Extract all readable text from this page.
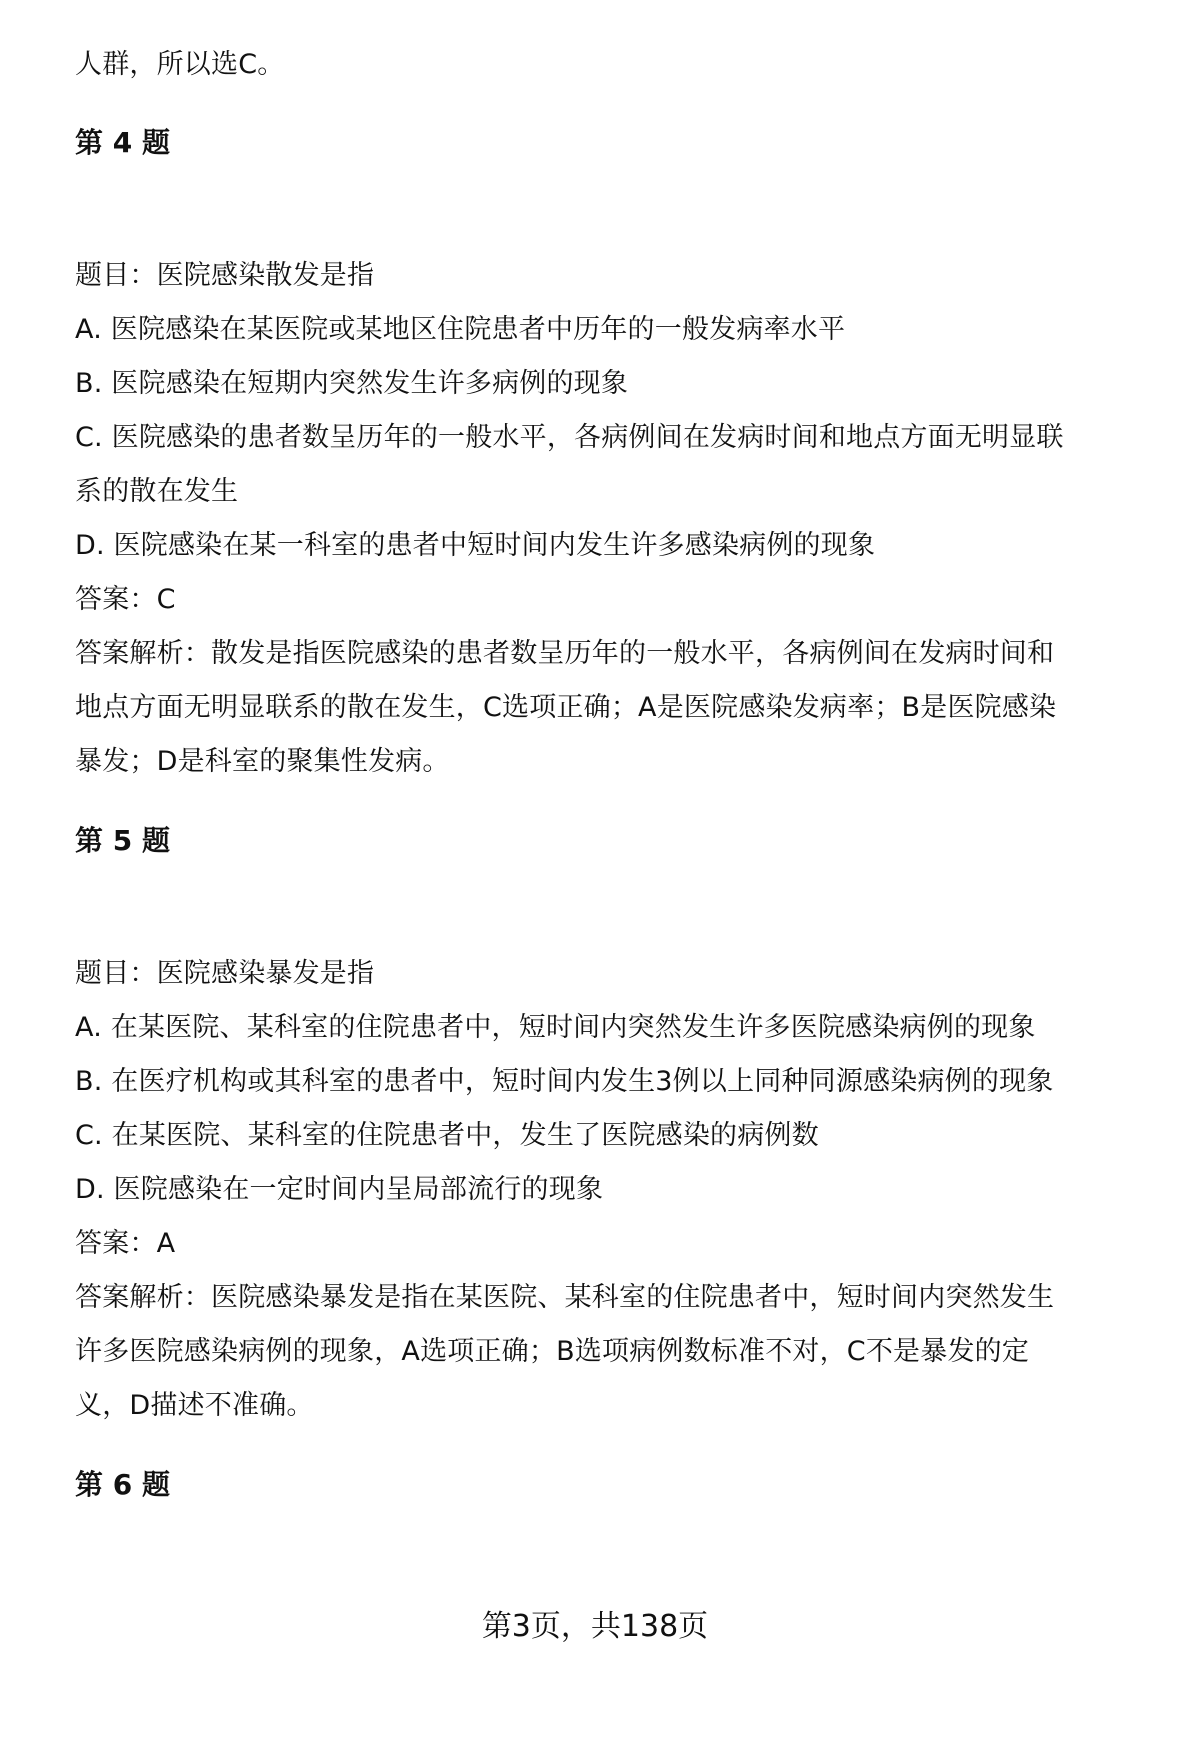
人群，所以选C。
第 4 题
题目：医院感染散发是指
A. 医院感染在某医院或某地区住院患者中历年的一般发病率水平
B. 医院感染在短期内突然发生许多病例的现象
C. 医院感染的患者数呈历年的一般水平，各病例间在发病时间和地点方面无明显联
系的散在发生
D. 医院感染在某一科室的患者中短时间内发生许多感染病例的现象
答案：C
答案解析：散发是指医院感染的患者数呈历年的一般水平，各病例间在发病时间和
地点方面无明显联系的散在发生，C选项正确；A是医院感染发病率；B是医院感染
暴发；D是科室的聚集性发病。
第 5 题
题目：医院感染暴发是指
A. 在某医院、某科室的住院患者中，短时间内突然发生许多医院感染病例的现象
B. 在医疗机构或其科室的患者中，短时间内发生3例以上同种同源感染病例的现象
C. 在某医院、某科室的住院患者中，发生了医院感染的病例数
D. 医院感染在一定时间内呈局部流行的现象
答案：A
答案解析：医院感染暴发是指在某医院、某科室的住院患者中，短时间内突然发生
许多医院感染病例的现象，A选项正确；B选项病例数标准不对，C不是暴发的定
义，D描述不准确。
第 6 题
第3页，共138页
